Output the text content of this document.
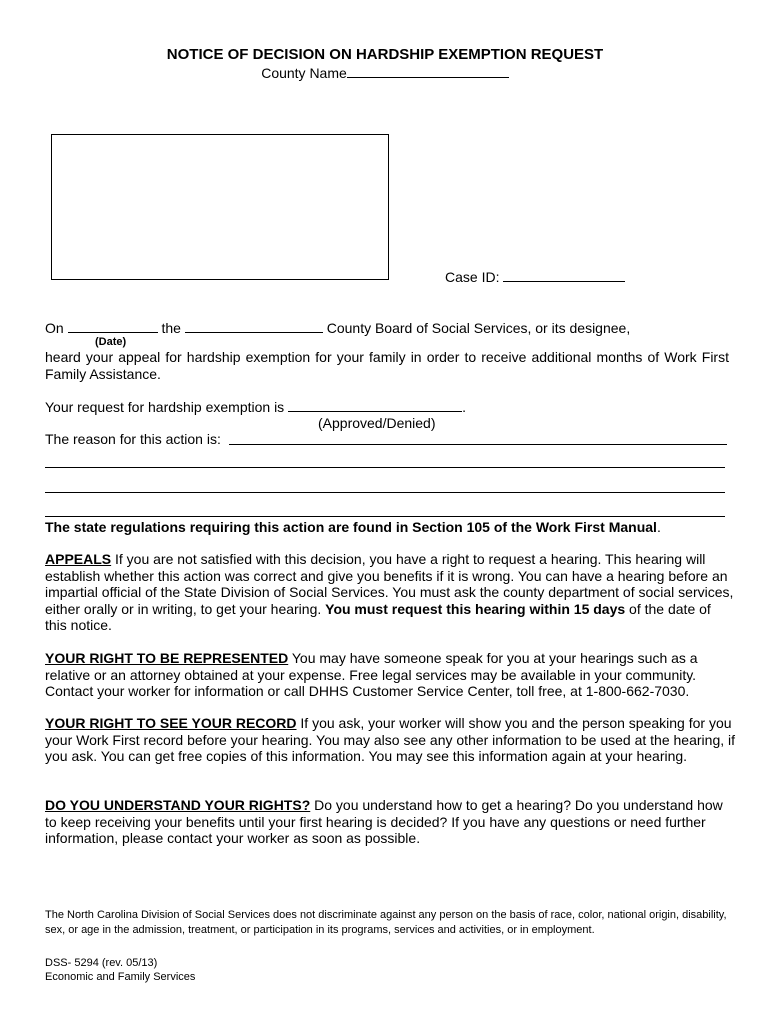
NOTICE OF DECISION ON HARDSHIP EXEMPTION REQUEST
County Name
Case ID:
On	the	County Board of Social Services, or its designee,
(Date)
heard your appeal for hardship exemption for your family in order to receive additional months of Work First Family Assistance.
Your request for hardship exemption is	.
(Approved/Denied)
The reason for this action is:
The state regulations requiring this action are found in Section 105 of the Work First Manual.
APPEALS If you are not satisfied with this decision, you have a right to request a hearing. This hearing will establish whether this action was correct and give you benefits if it is wrong. You can have a hearing before an impartial official of the State Division of Social Services. You must ask the county department of social services, either orally or in writing, to get your hearing. You must request this hearing within 15 days of the date of this notice.
YOUR RIGHT TO BE REPRESENTED You may have someone speak for you at your hearings such as a relative or an attorney obtained at your expense. Free legal services may be available in your community. Contact your worker for information or call DHHS Customer Service Center, toll free, at 1-800-662-7030.
YOUR RIGHT TO SEE YOUR RECORD If you ask, your worker will show you and the person speaking for you your Work First record before your hearing. You may also see any other information to be used at the hearing, if you ask. You can get free copies of this information. You may see this information again at your hearing.
DO YOU UNDERSTAND YOUR RIGHTS? Do you understand how to get a hearing? Do you understand how to keep receiving your benefits until your first hearing is decided? If you have any questions or need further information, please contact your worker as soon as possible.
The North Carolina Division of Social Services does not discriminate against any person on the basis of race, color, national origin, disability, sex, or age in the admission, treatment, or participation in its programs, services and activities, or in employment.
DSS- 5294 (rev. 05/13)
Economic and Family Services
